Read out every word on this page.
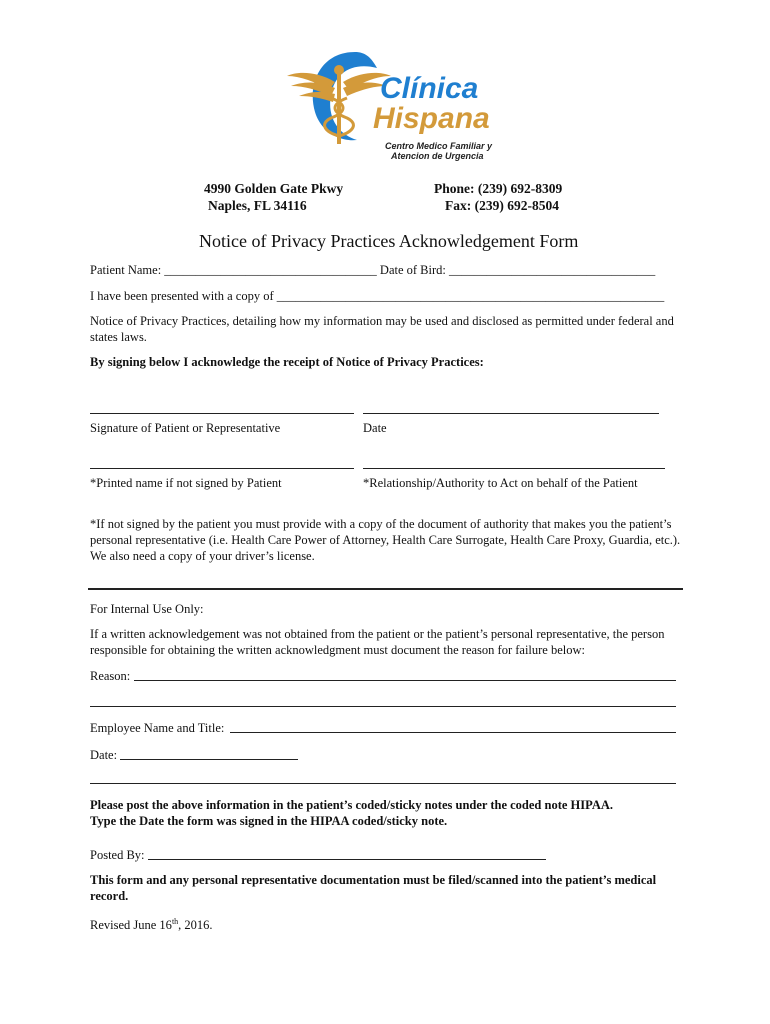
Clínica
Hispana
Centro Medico Familiar y
Atencion de Urgencia
4990 Golden Gate Pkwy
Naples, FL 34116
Phone: (239) 692-8309
Fax: (239) 692-8504
Notice of Privacy Practices Acknowledgement Form
Patient Name: __________________________________ Date of Bird: _________________________________
I have been presented with a copy of ______________________________________________________________
Notice of Privacy Practices, detailing how my information may be used and disclosed as permitted under federal and states laws.
By signing below I acknowledge the receipt of Notice of Privacy Practices:
Signature of Patient or Representative	Date
*Printed name if not signed by Patient	*Relationship/Authority to Act on behalf of the Patient
*If not signed by the patient you must provide with a copy of the document of authority that makes you the patient’s personal representative (i.e. Health Care Power of Attorney, Health Care Surrogate, Health Care Proxy, Guardia, etc.). We also need a copy of your driver’s license.
For Internal Use Only:
If a written acknowledgement was not obtained from the patient or the patient’s personal representative, the person responsible for obtaining the written acknowledgment must document the reason for failure below:
Reason:
Employee Name and Title:
Date:
Please post the above information in the patient’s coded/sticky notes under the coded note HIPAA.
Type the Date the form was signed in the HIPAA coded/sticky note.
Posted By:
This form and any personal representative documentation must be filed/scanned into the patient’s medical record.
Revised June 16th, 2016.
